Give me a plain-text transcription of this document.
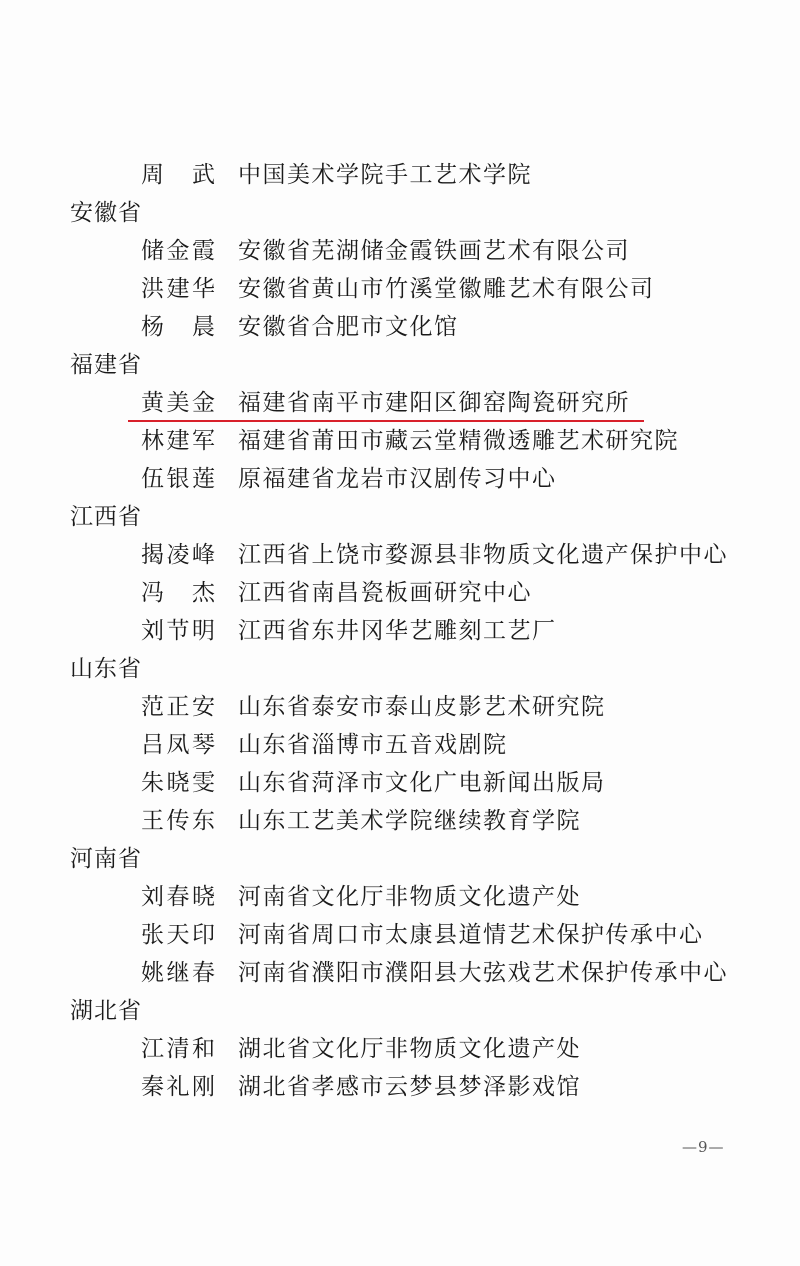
周 武 中国美术学院手工艺术学院
安徽省
储金霞 安徽省芜湖储金霞铁画艺术有限公司
洪建华 安徽省黄山市竹溪堂徽雕艺术有限公司
杨 晨 安徽省合肥市文化馆
福建省
黄美金 福建省南平市建阳区御窑陶瓷研究所
林建军 福建省莆田市藏云堂精微透雕艺术研究院
伍银莲 原福建省龙岩市汉剧传习中心
江西省
揭凌峰 江西省上饶市婺源县非物质文化遗产保护中心
冯 杰 江西省南昌瓷板画研究中心
刘节明 江西省东井冈华艺雕刻工艺厂
山东省
范正安 山东省泰安市泰山皮影艺术研究院
吕凤琴 山东省淄博市五音戏剧院
朱晓雯 山东省菏泽市文化广电新闻出版局
王传东 山东工艺美术学院继续教育学院
河南省
刘春晓 河南省文化厅非物质文化遗产处
张天印 河南省周口市太康县道情艺术保护传承中心
姚继春 河南省濮阳市濮阳县大弦戏艺术保护传承中心
湖北省
江清和 湖北省文化厅非物质文化遗产处
秦礼刚 湖北省孝感市云梦县梦泽影戏馆
—9—
